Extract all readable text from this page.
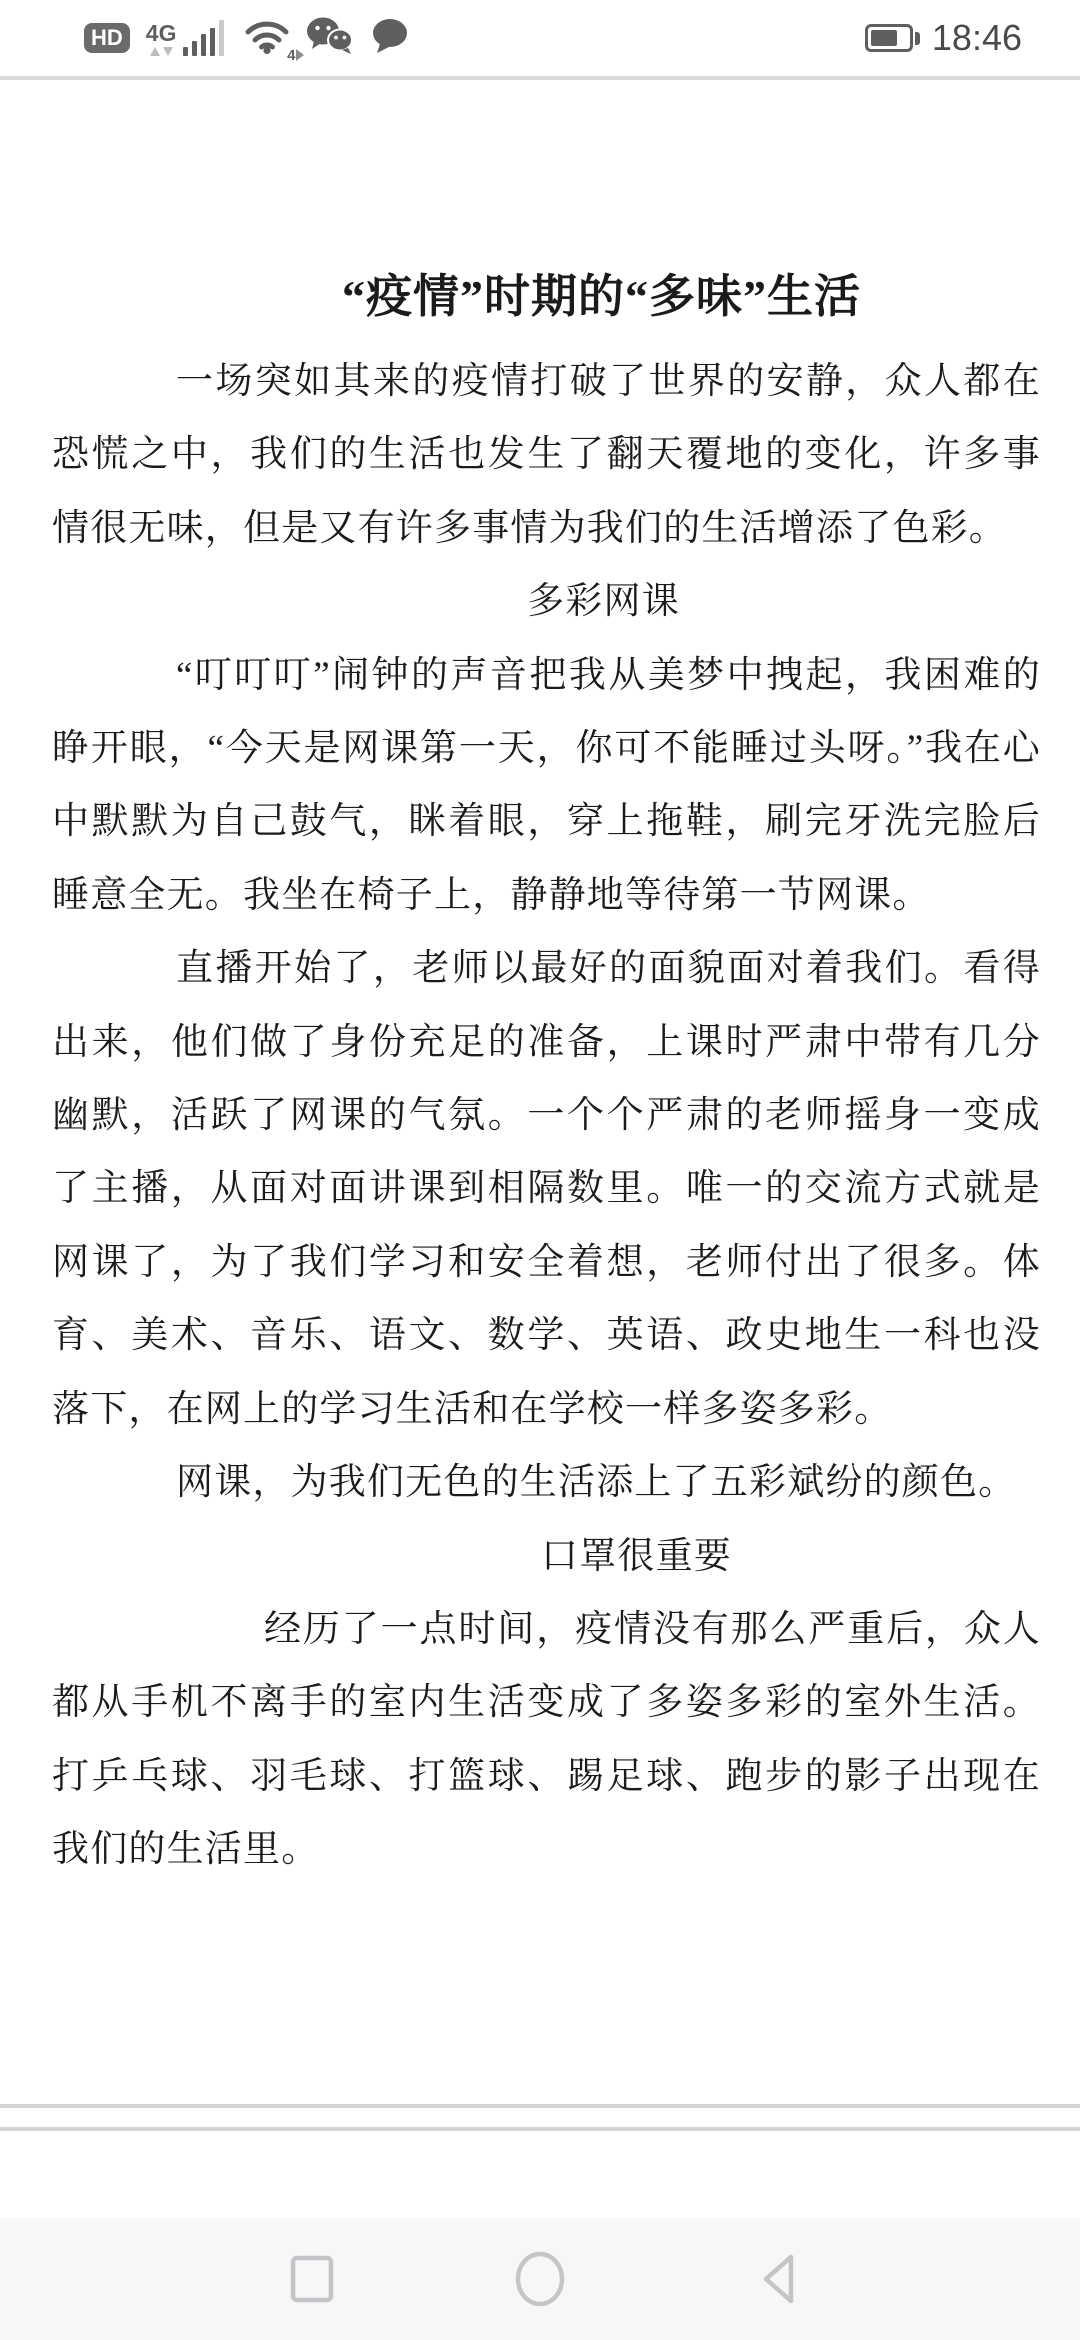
HD	4G
4	18:46
“疫情”时期的“多味”生活

一场突如其来的疫情打破了世界的安静，众人都在恐慌之中，我们的生活也发生了翻天覆地的变化，许多事情很无味，但是又有许多事情为我们的生活增添了色彩。

多彩网课

“叮叮叮”闹钟的声音把我从美梦中拽起，我困难的睁开眼，“今天是网课第一天，你可不能睡过头呀。”我在心中默默为自己鼓气，眯着眼，穿上拖鞋，刷完牙洗完脸后睡意全无。我坐在椅子上，静静地等待第一节网课。

直播开始了，老师以最好的面貌面对着我们。看得出来，他们做了身份充足的准备，上课时严肃中带有几分幽默，活跃了网课的气氛。一个个严肃的老师摇身一变成了主播，从面对面讲课到相隔数里。唯一的交流方式就是网课了，为了我们学习和安全着想，老师付出了很多。体育、美术、音乐、语文、数学、英语、政史地生一科也没落下，在网上的学习生活和在学校一样多姿多彩。

网课，为我们无色的生活添上了五彩斌纷的颜色。

口罩很重要

经历了一点时间，疫情没有那么严重后，众人都从手机不离手的室内生活变成了多姿多彩的室外生活。打乒乓球、羽毛球、打篮球、踢足球、跑步的影子出现在我们的生活里。
